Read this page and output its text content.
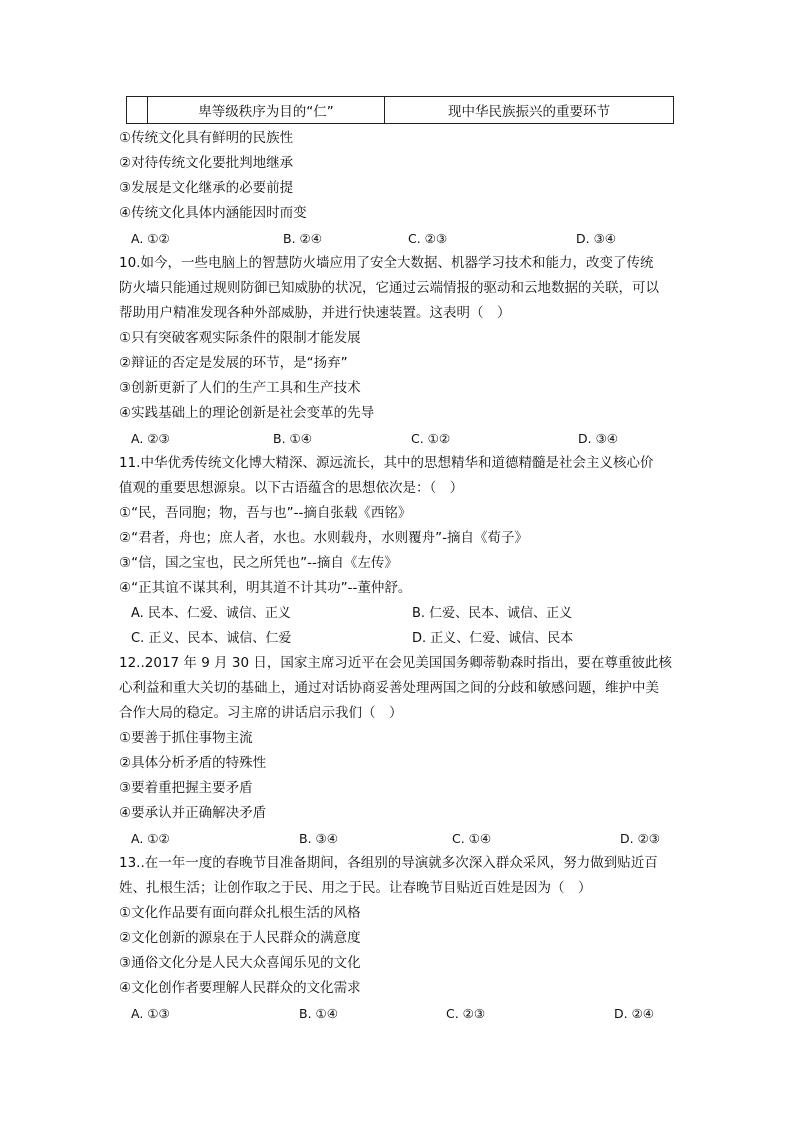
卑等级秩序为目的“仁”	现中华民族振兴的重要环节
①传统文化具有鲜明的民族性
②对待传统文化要批判地继承
③发展是文化继承的必要前提
④传统文化具体内涵能因时而变
A. ①②	B. ②④	C. ②③	D. ③④
10.如今，一些电脑上的智慧防火墙应用了安全大数据、机器学习技术和能力，改变了传统
防火墙只能通过规则防御已知威胁的状况，它通过云端情报的驱动和云地数据的关联，可以
帮助用户精准发现各种外部威胁，并进行快速装置。这表明（　）
①只有突破客观实际条件的限制才能发展
②辩证的否定是发展的环节，是“扬弃”
③创新更新了人们的生产工具和生产技术
④实践基础上的理论创新是社会变革的先导
A. ②③	B. ①④	C. ①②	D. ③④
11.中华优秀传统文化博大精深、源远流长，其中的思想精华和道德精髓是社会主义核心价
值观的重要思想源泉。以下古语蕴含的思想依次是：（　）
①“民，吾同胞；物，吾与也”--摘自张载《西铭》
②“君者，舟也；庶人者，水也。水则载舟，水则覆舟”-摘自《荀子》
③“信，国之宝也，民之所凭也”--摘自《左传》
④“正其谊不谋其利，明其道不计其功”--董仲舒。
A. 民本、仁爱、诚信、正义	B. 仁爱、民本、诚信、正义
C. 正义、民本、诚信、仁爱	D. 正义、仁爱、诚信、民本
12..2017 年 9 月 30 日，国家主席习近平在会见美国国务卿蒂勒森时指出，要在尊重彼此核
心利益和重大关切的基础上，通过对话协商妥善处理两国之间的分歧和敏感问题，维护中美
合作大局的稳定。习主席的讲话启示我们（　）
①要善于抓住事物主流
②具体分析矛盾的特殊性
③要着重把握主要矛盾
④要承认并正确解决矛盾
A. ①②	B. ③④	C. ①④	D. ②③
13..在一年一度的春晚节目准备期间，各组别的导演就多次深入群众采风，努力做到贴近百
姓、扎根生活；让创作取之于民、用之于民。让春晚节目贴近百姓是因为（　）
①文化作品要有面向群众扎根生活的风格
②文化创新的源泉在于人民群众的满意度
③通俗文化分是人民大众喜闻乐见的文化
④文化创作者要理解人民群众的文化需求
A. ①③	B. ①④	C. ②③	D. ②④
